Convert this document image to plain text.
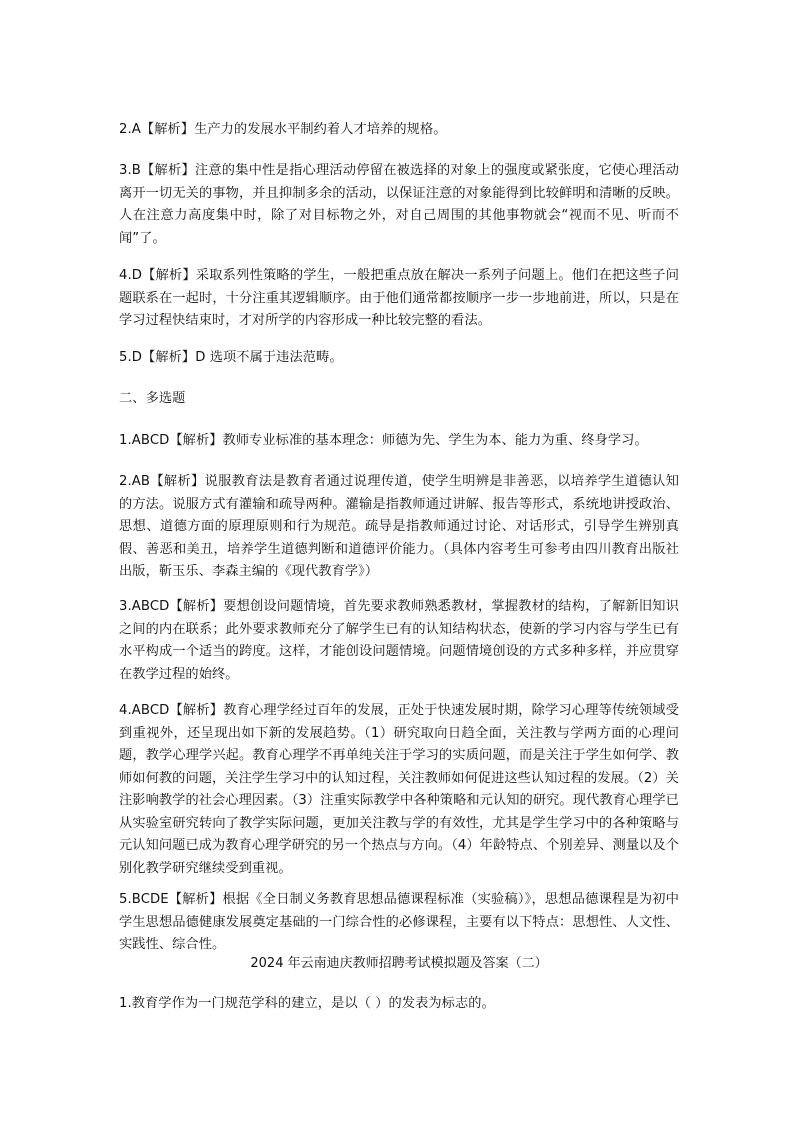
2.A【解析】生产力的发展水平制约着人才培养的规格。

3.B【解析】注意的集中性是指心理活动停留在被选择的对象上的强度或紧张度，它使心理活动离开一切无关的事物，并且抑制多余的活动，以保证注意的对象能得到比较鲜明和清晰的反映。人在注意力高度集中时，除了对目标物之外，对自己周围的其他事物就会“视而不见、听而不闻”了。

4.D【解析】采取系列性策略的学生，一般把重点放在解决一系列子问题上。他们在把这些子问题联系在一起时，十分注重其逻辑顺序。由于他们通常都按顺序一步一步地前进，所以，只是在学习过程快结束时，才对所学的内容形成一种比较完整的看法。

5.D【解析】D 选项不属于违法范畴。

二、多选题

1.ABCD【解析】教师专业标准的基本理念：师德为先、学生为本、能力为重、终身学习。

2.AB【解析】说服教育法是教育者通过说理传道，使学生明辨是非善恶，以培养学生道德认知的方法。说服方式有灌输和疏导两种。灌输是指教师通过讲解、报告等形式，系统地讲授政治、思想、道德方面的原理原则和行为规范。疏导是指教师通过讨论、对话形式，引导学生辨别真假、善恶和美丑，培养学生道德判断和道德评价能力。（具体内容考生可参考由四川教育出版社出版，靳玉乐、李森主编的《现代教育学》）

3.ABCD【解析】要想创设问题情境，首先要求教师熟悉教材，掌握教材的结构，了解新旧知识之间的内在联系；此外要求教师充分了解学生已有的认知结构状态，使新的学习内容与学生已有水平构成一个适当的跨度。这样，才能创设问题情境。问题情境创设的方式多种多样，并应贯穿在教学过程的始终。

4.ABCD【解析】教育心理学经过百年的发展，正处于快速发展时期，除学习心理等传统领域受到重视外，还呈现出如下新的发展趋势。（1）研究取向日趋全面，关注教与学两方面的心理问题，教学心理学兴起。教育心理学不再单纯关注于学习的实质问题，而是关注于学生如何学、教师如何教的问题，关注学生学习中的认知过程，关注教师如何促进这些认知过程的发展。（2）关注影响教学的社会心理因素。（3）注重实际教学中各种策略和元认知的研究。现代教育心理学已从实验室研究转向了教学实际问题，更加关注教与学的有效性，尤其是学生学习中的各种策略与元认知问题已成为教育心理学研究的另一个热点与方向。（4）年龄特点、个别差异、测量以及个别化教学研究继续受到重视。

5.BCDE【解析】根据《全日制义务教育思想品德课程标准（实验稿）》，思想品德课程是为初中学生思想品德健康发展奠定基础的一门综合性的必修课程，主要有以下特点：思想性、人文性、实践性、综合性。

2024 年云南迪庆教师招聘考试模拟题及答案（二）

1.教育学作为一门规范学科的建立，是以（ ）的发表为标志的。
